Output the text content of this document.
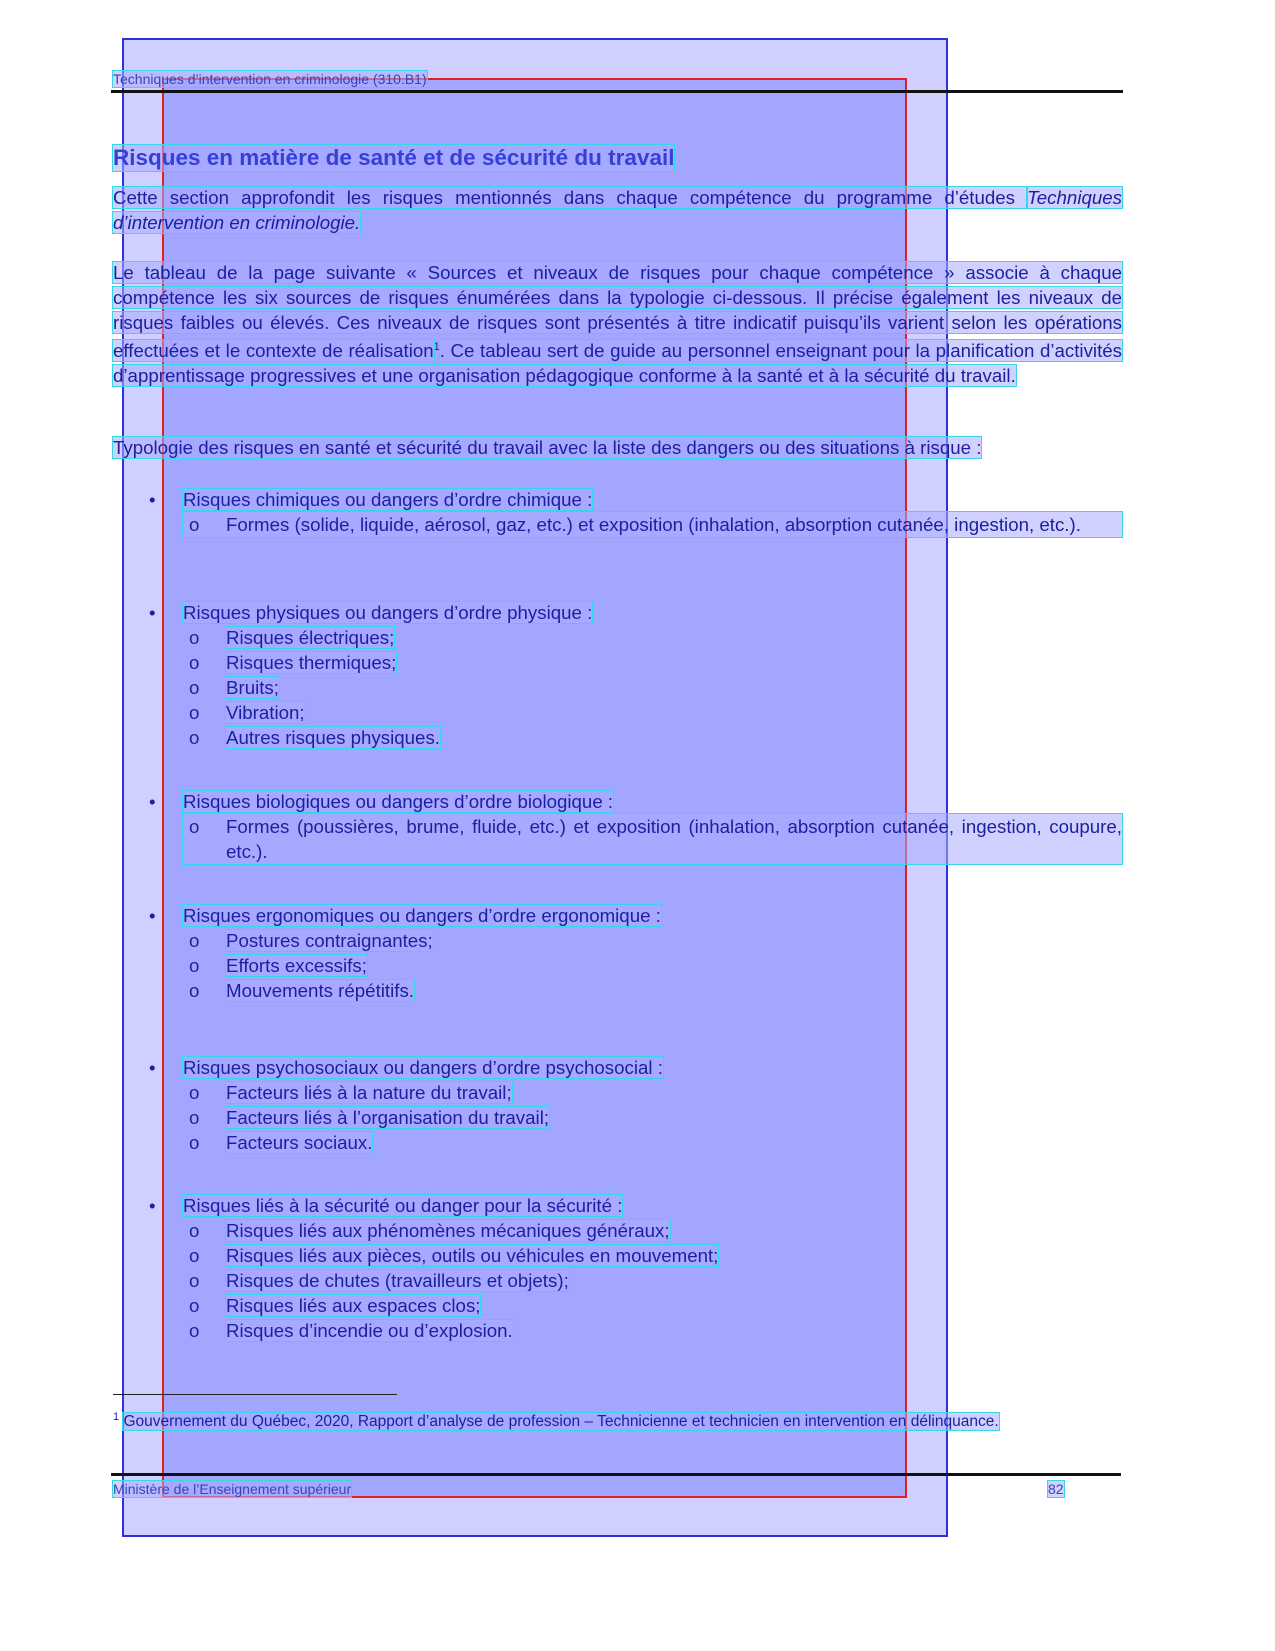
Techniques d’intervention en criminologie (310.B1)
Risques en matière de santé et de sécurité du travail

Cette section approfondit les risques mentionnés dans chaque compétence du programme d’études Techniques d’intervention en criminologie.

Le tableau de la page suivante « Sources et niveaux de risques pour chaque compétence » associe à chaque compétence les six sources de risques énumérées dans la typologie ci-dessous. Il précise également les niveaux de risques faibles ou élevés. Ces niveaux de risques sont présentés à titre indicatif puisqu’ils varient selon les opérations effectuées et le contexte de réalisation$^1$. Ce tableau sert de guide au personnel enseignant pour la planification d’activités d’apprentissage progressives et une organisation pédagogique conforme à la santé et à la sécurité du travail.

Typologie des risques en santé et sécurité du travail avec la liste des dangers ou des situations à risque :

• Risques chimiques ou dangers d’ordre chimique :
o Formes (solide, liquide, aérosol, gaz, etc.) et exposition (inhalation, absorption cutanée, ingestion, etc.).
• Risques physiques ou dangers d’ordre physique :
o Risques électriques;
o Risques thermiques;
o Bruits;
o Vibration;
o Autres risques physiques.
• Risques biologiques ou dangers d’ordre biologique :
o Formes (poussières, brume, fluide, etc.) et exposition (inhalation, absorption cutanée, ingestion, coupure, etc.).
• Risques ergonomiques ou dangers d’ordre ergonomique :
o Postures contraignantes;
o Efforts excessifs;
o Mouvements répétitifs.
• Risques psychosociaux ou dangers d’ordre psychosocial :
o Facteurs liés à la nature du travail;
o Facteurs liés à l’organisation du travail;
o Facteurs sociaux.
• Risques liés à la sécurité ou danger pour la sécurité :
o Risques liés aux phénomènes mécaniques généraux;
o Risques liés aux pièces, outils ou véhicules en mouvement;
o Risques de chutes (travailleurs et objets);
o Risques liés aux espaces clos;
o Risques d’incendie ou d’explosion.
$^1$ Gouvernement du Québec, 2020, Rapport d’analyse de profession – Technicienne et technicien en intervention en délinquance.
Ministère de l’Enseignement supérieur	82
